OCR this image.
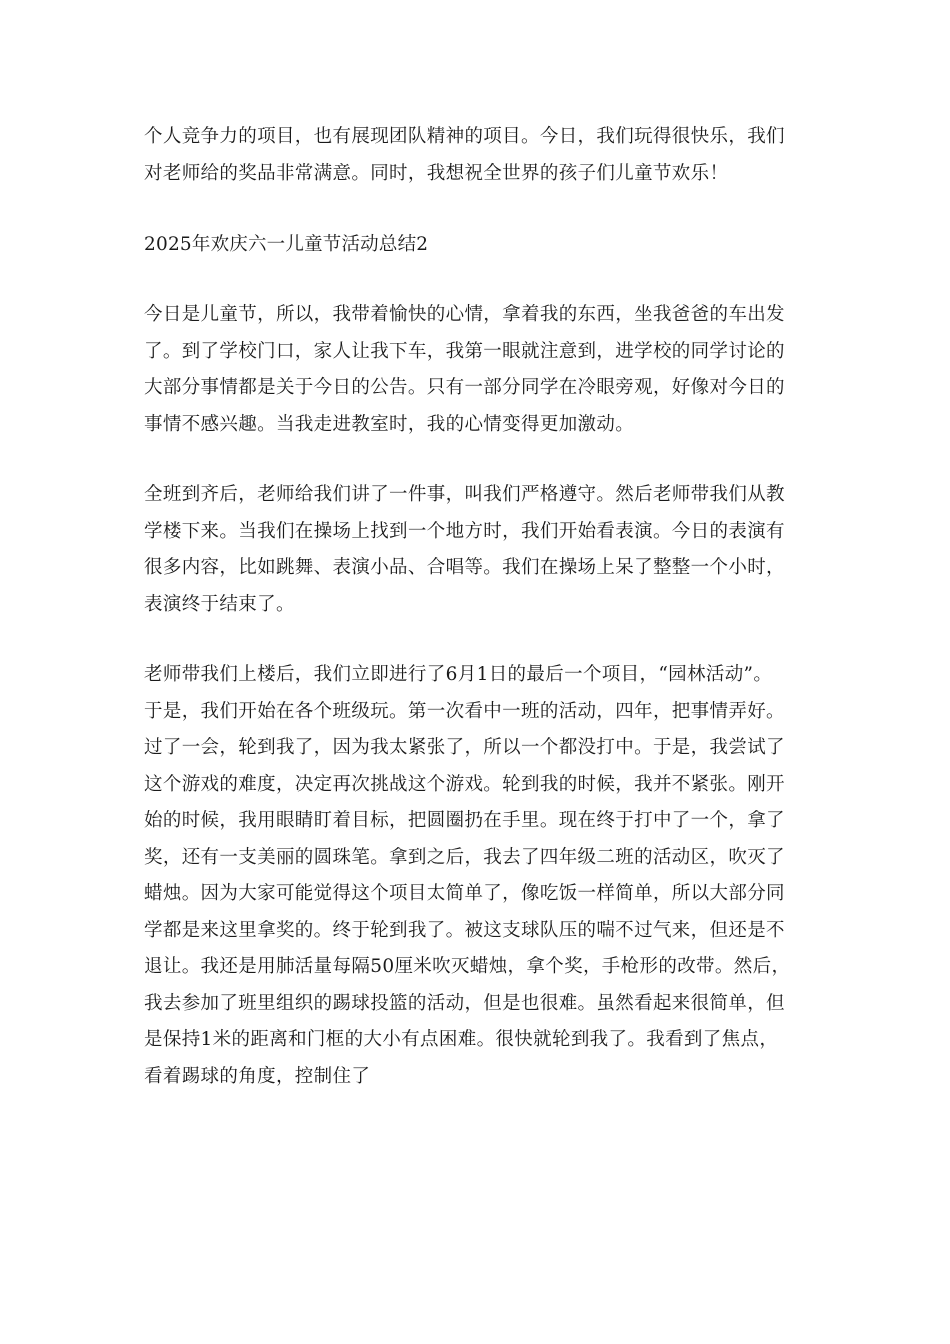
个人竞争力的项目，也有展现团队精神的项目。今日，我们玩得很快乐，我们
对老师给的奖品非常满意。同时，我想祝全世界的孩子们儿童节欢乐！
2025年欢庆六一儿童节活动总结2
今日是儿童节，所以，我带着愉快的心情，拿着我的东西，坐我爸爸的车出发
了。到了学校门口，家人让我下车，我第一眼就注意到，进学校的同学讨论的
大部分事情都是关于今日的公告。只有一部分同学在冷眼旁观，好像对今日的
事情不感兴趣。当我走进教室时，我的心情变得更加激动。
全班到齐后，老师给我们讲了一件事，叫我们严格遵守。然后老师带我们从教
学楼下来。当我们在操场上找到一个地方时，我们开始看表演。今日的表演有
很多内容，比如跳舞、表演小品、合唱等。我们在操场上呆了整整一个小时，
表演终于结束了。
老师带我们上楼后，我们立即进行了6月1日的最后一个项目，“园林活动”。
于是，我们开始在各个班级玩。第一次看中一班的活动，四年，把事情弄好。
过了一会，轮到我了，因为我太紧张了，所以一个都没打中。于是，我尝试了
这个游戏的难度，决定再次挑战这个游戏。轮到我的时候，我并不紧张。刚开
始的时候，我用眼睛盯着目标，把圆圈扔在手里。现在终于打中了一个，拿了
奖，还有一支美丽的圆珠笔。拿到之后，我去了四年级二班的活动区，吹灭了
蜡烛。因为大家可能觉得这个项目太简单了，像吃饭一样简单，所以大部分同
学都是来这里拿奖的。终于轮到我了。被这支球队压的喘不过气来，但还是不
退让。我还是用肺活量每隔50厘米吹灭蜡烛，拿个奖，手枪形的改带。然后，
我去参加了班里组织的踢球投篮的活动，但是也很难。虽然看起来很简单，但
是保持1米的距离和门框的大小有点困难。很快就轮到我了。我看到了焦点，
看着踢球的角度，控制住了
